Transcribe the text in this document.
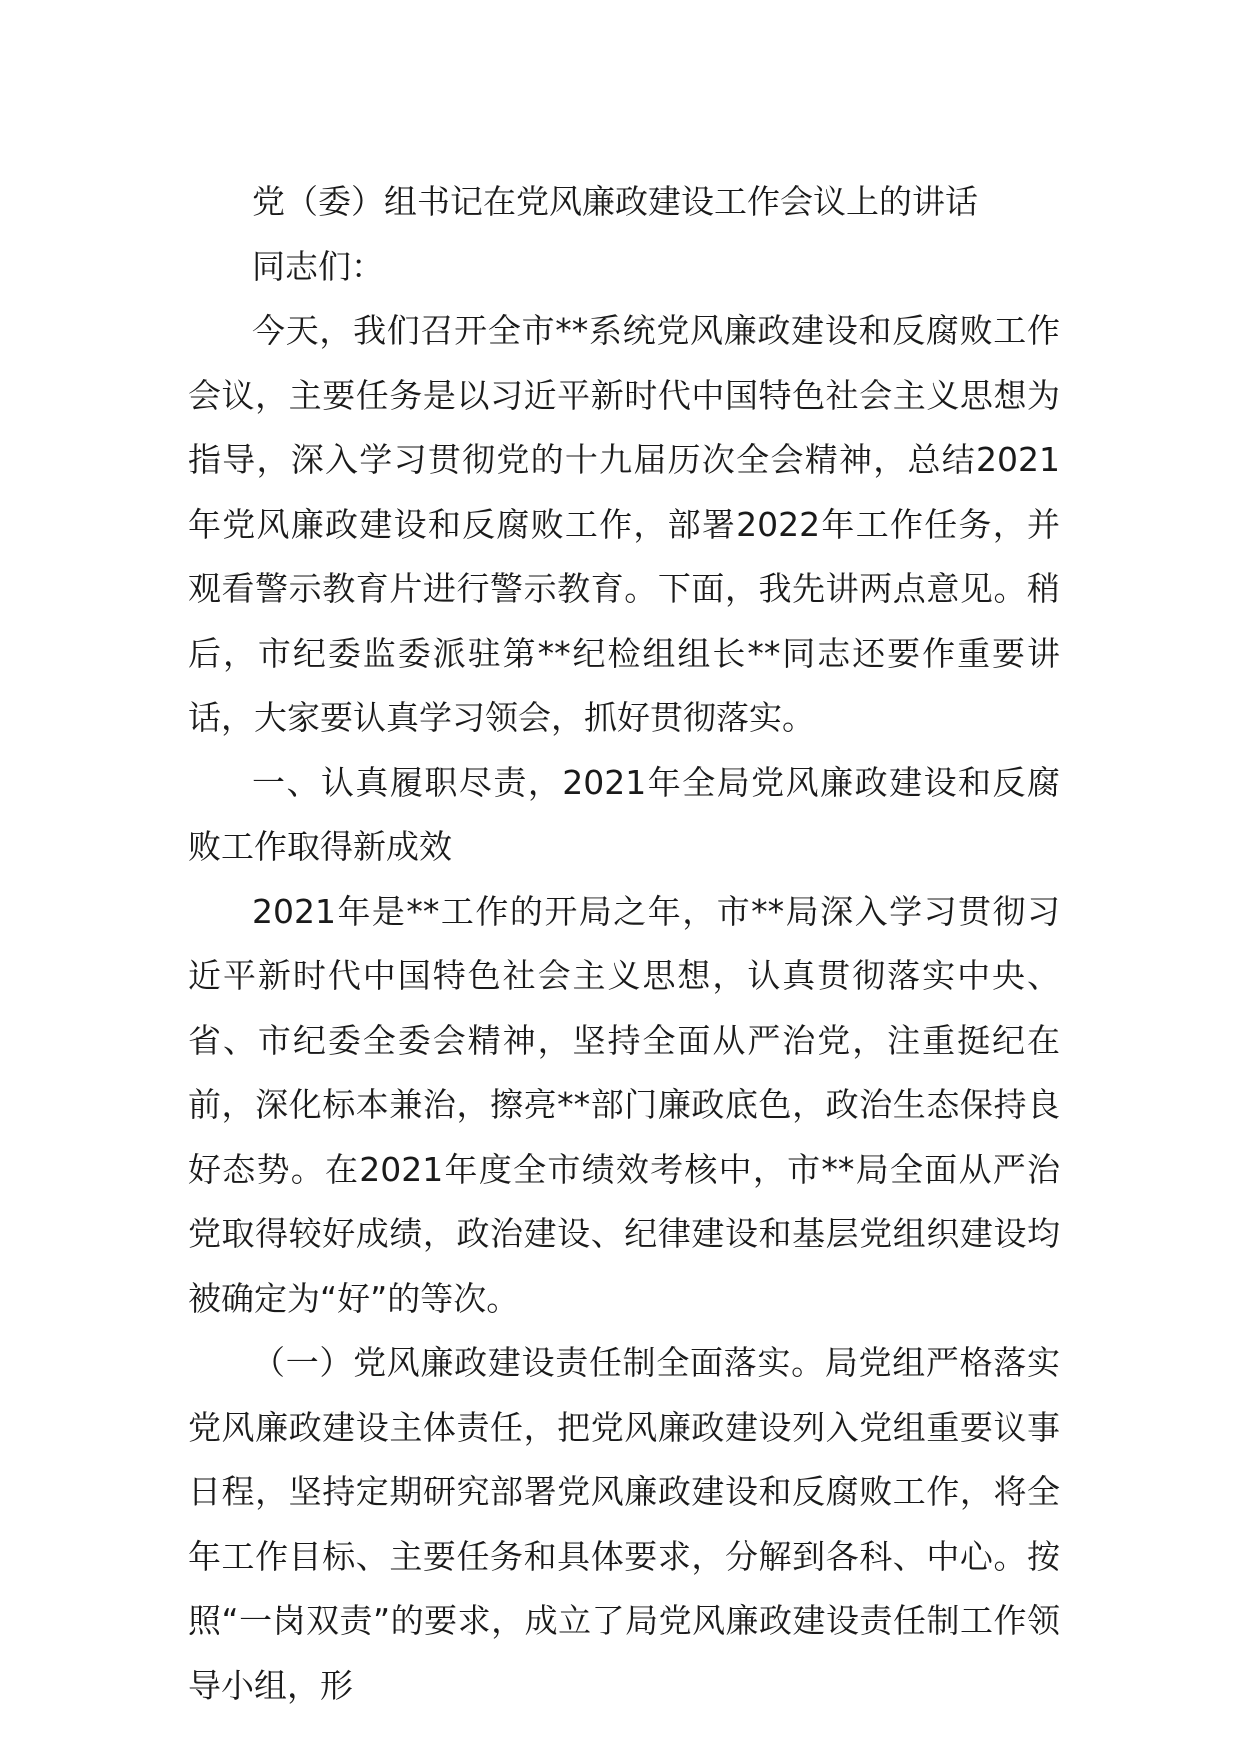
党（委）组书记在党风廉政建设工作会议上的讲话

同志们：

今天，我们召开全市**系统党风廉政建设和反腐败工作会议，主要任务是以习近平新时代中国特色社会主义思想为指导，深入学习贯彻党的十九届历次全会精神，总结2021年党风廉政建设和反腐败工作，部署2022年工作任务，并观看警示教育片进行警示教育。下面，我先讲两点意见。稍后，市纪委监委派驻第**纪检组组长**同志还要作重要讲话，大家要认真学习领会，抓好贯彻落实。

一、认真履职尽责，2021年全局党风廉政建设和反腐败工作取得新成效

2021年是**工作的开局之年，市**局深入学习贯彻习近平新时代中国特色社会主义思想，认真贯彻落实中央、省、市纪委全委会精神，坚持全面从严治党，注重挺纪在前，深化标本兼治，擦亮**部门廉政底色，政治生态保持良好态势。在2021年度全市绩效考核中，市**局全面从严治党取得较好成绩，政治建设、纪律建设和基层党组织建设均被确定为“好”的等次。

（一）党风廉政建设责任制全面落实。局党组严格落实党风廉政建设主体责任，把党风廉政建设列入党组重要议事日程，坚持定期研究部署党风廉政建设和反腐败工作，将全年工作目标、主要任务和具体要求，分解到各科、中心。按照“一岗双责”的要求，成立了局党风廉政建设责任制工作领导小组，形
